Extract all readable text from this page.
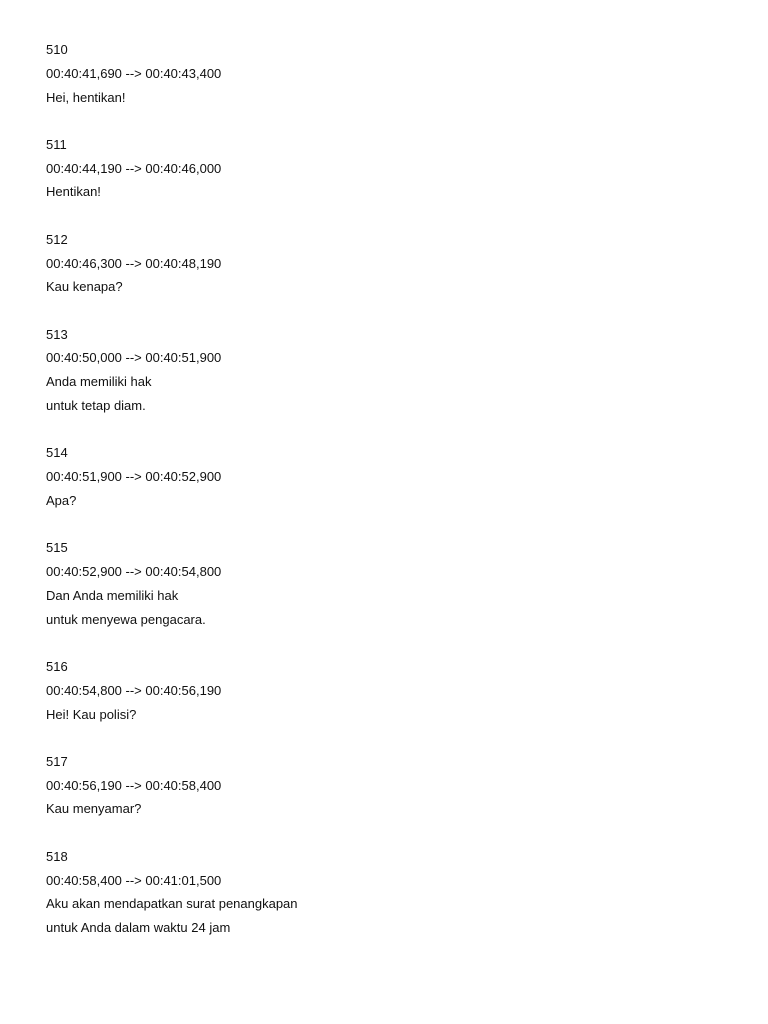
510
00:40:41,690 --> 00:40:43,400
Hei, hentikan!
511
00:40:44,190 --> 00:40:46,000
Hentikan!
512
00:40:46,300 --> 00:40:48,190
Kau kenapa?
513
00:40:50,000 --> 00:40:51,900
Anda memiliki hak
untuk tetap diam.
514
00:40:51,900 --> 00:40:52,900
Apa?
515
00:40:52,900 --> 00:40:54,800
Dan Anda memiliki hak
untuk menyewa pengacara.
516
00:40:54,800 --> 00:40:56,190
Hei! Kau polisi?
517
00:40:56,190 --> 00:40:58,400
Kau menyamar?
518
00:40:58,400 --> 00:41:01,500
Aku akan mendapatkan surat penangkapan
untuk Anda dalam waktu 24 jam
